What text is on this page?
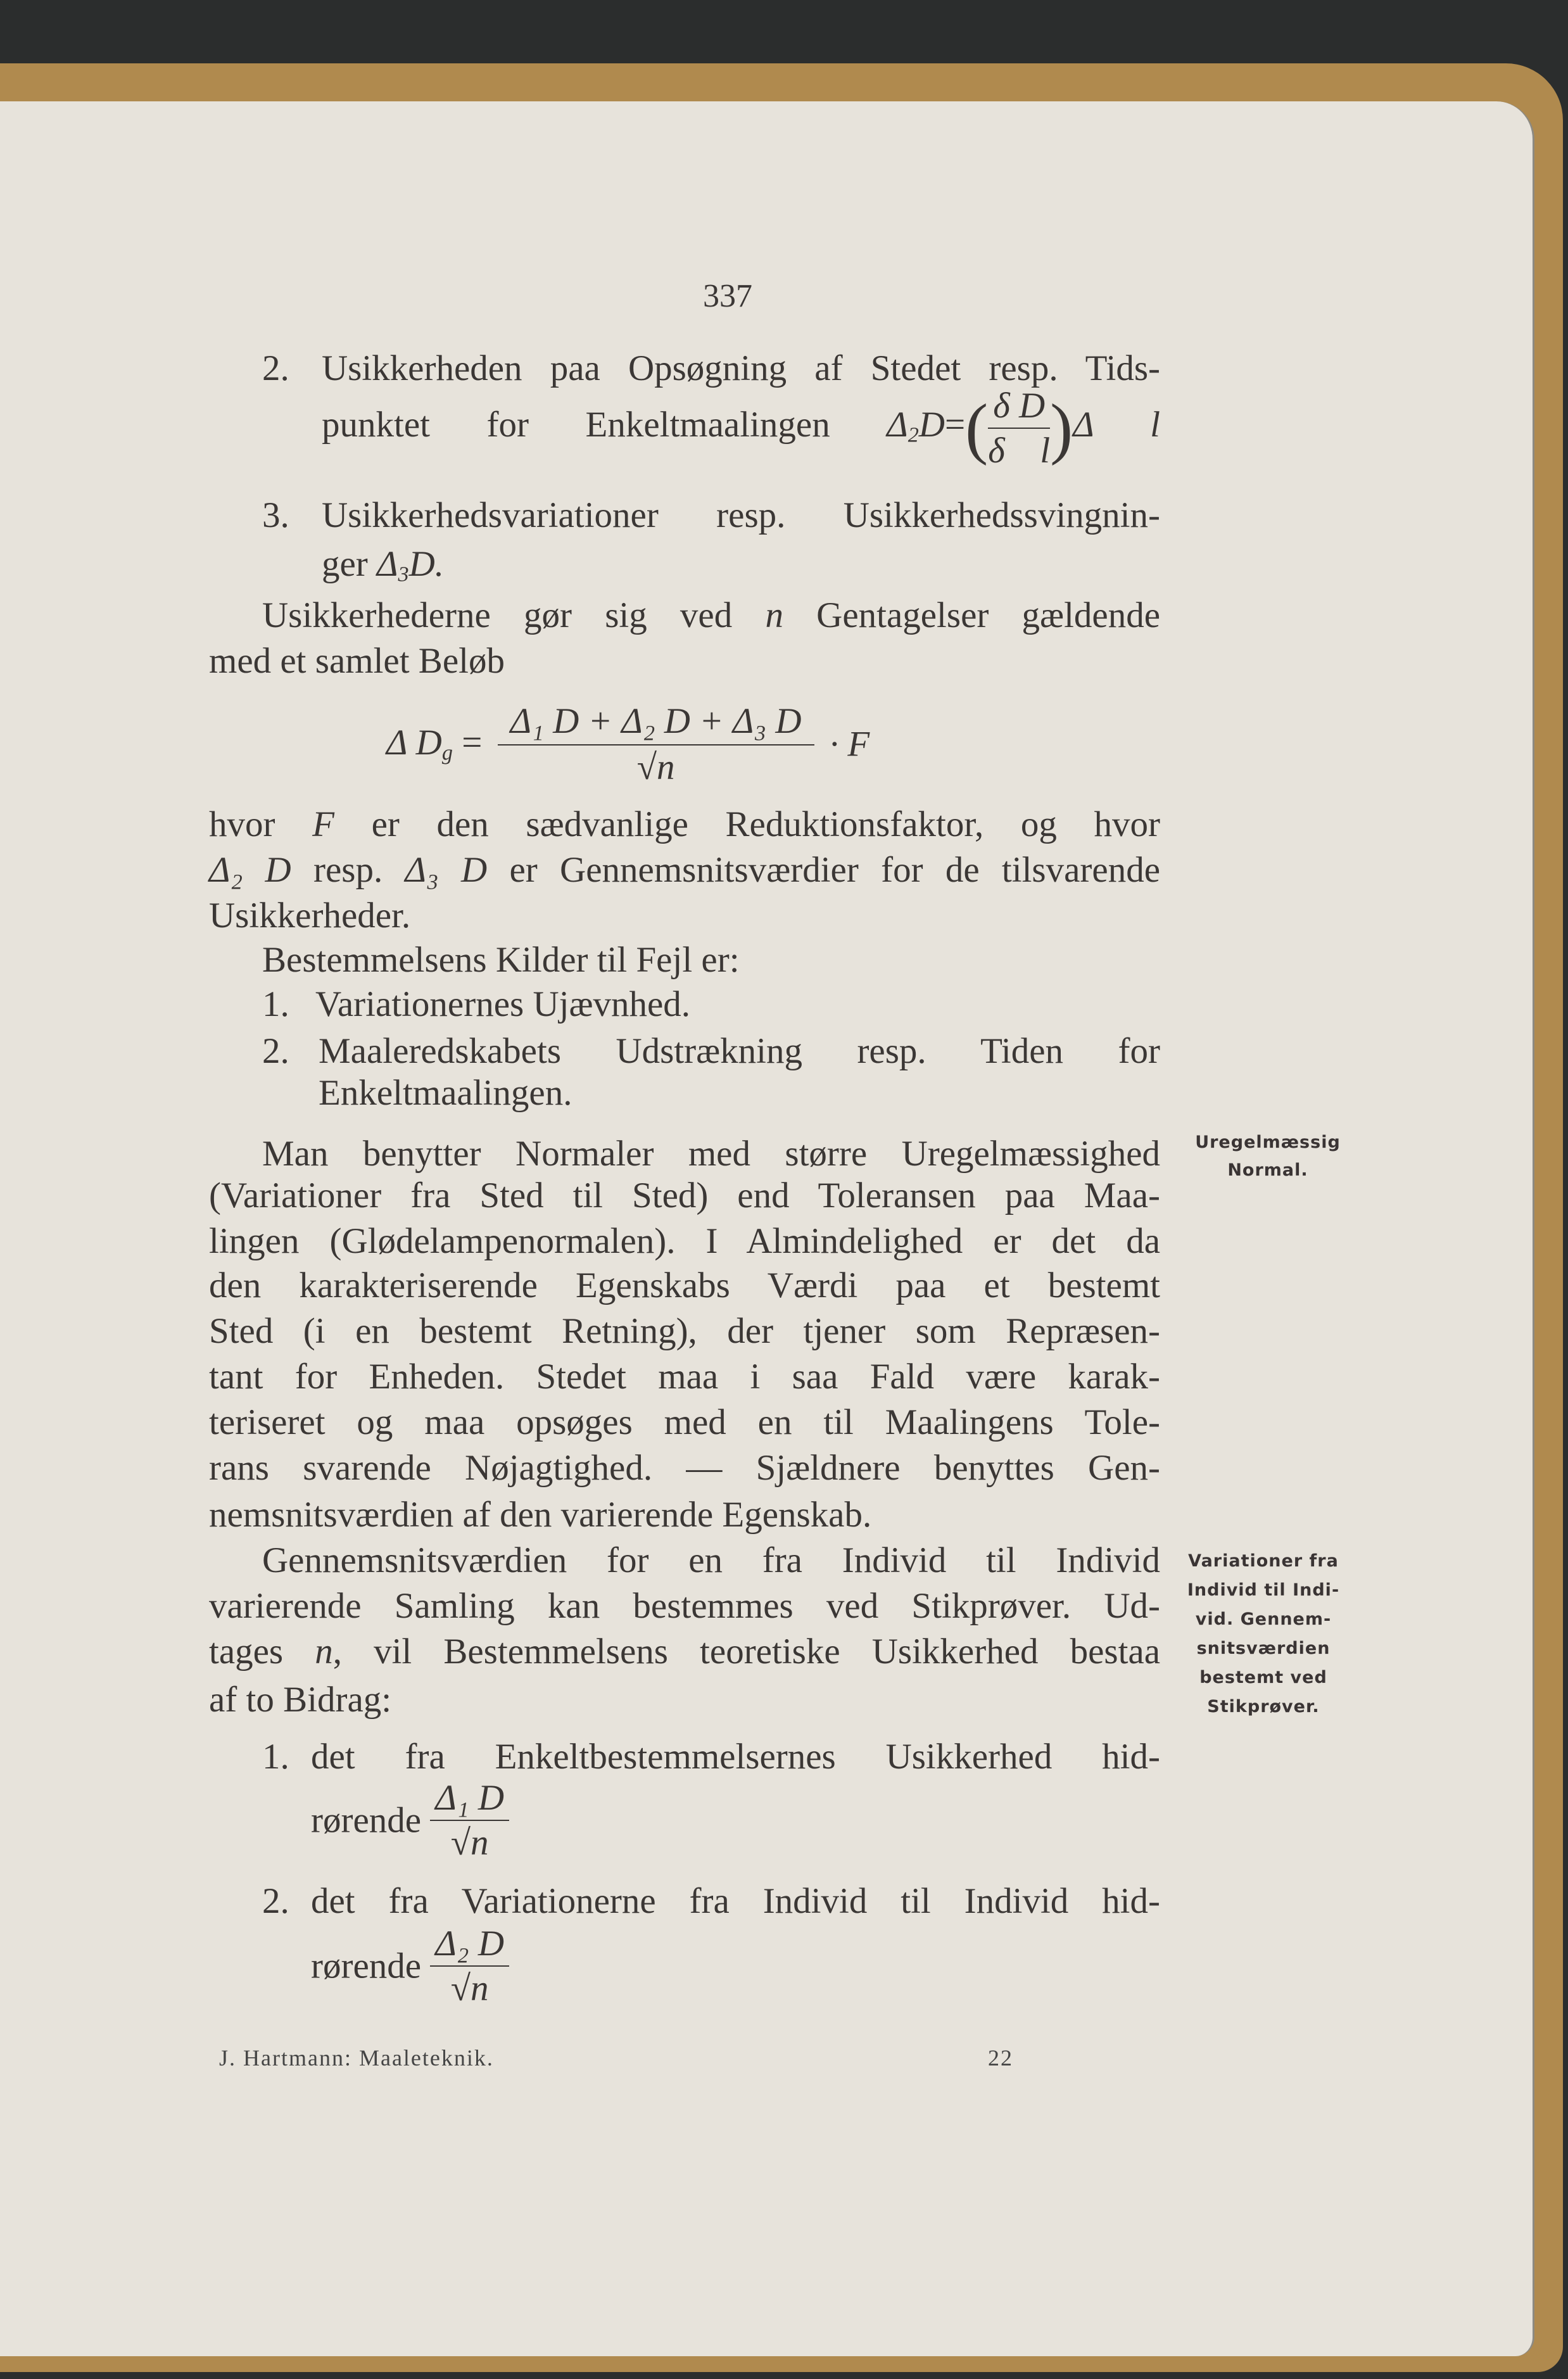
337
2. Usikkerheden paa Opsøgning af Stedet resp. Tids-
punktet for Enkeltmaalingen $\Delta_2D=( \frac{\text{δ D}}{\text{δ l}} )\Delta$ l
3. Usikkerhedsvariationer resp. Usikkerhedssvingnin-
ger $\Delta_3D$.
Usikkerhederne gør sig ved n Gentagelser gældende
med et samlet Beløb
Δ $D_g = \frac{\text{Δ₁ D + Δ₂ D + Δ₃ D}}{√n} \cdot F$
hvor F er den sædvanlige Reduktionsfaktor, og hvor
Δ₂ D resp. Δ₃ D er Gennemsnitsværdier for de tilsvarende
Usikkerheder.
Bestemmelsens Kilder til Fejl er:
1. Variationernes Ujævnhed.
2. Maaleredskabets Udstrækning resp. Tiden for
Enkeltmaalingen.
Man benytter Normaler med større Uregelmæssighed
(Variationer fra Sted til Sted) end Toleransen paa Maa-
lingen (Glødelampenormalen). I Almindelighed er det da
den karakteriserende Egenskabs Værdi paa et bestemt
Sted (i en bestemt Retning), der tjener som Repræsen-
tant for Enheden. Stedet maa i saa Fald være karak-
teriseret og maa opsøges med en til Maalingens Tole-
rans svarende Nøjagtighed. — Sjældnere benyttes Gen-
nemsnitsværdien af den varierende Egenskab.
Gennemsnitsværdien for en fra Individ til Individ
varierende Samling kan bestemmes ved Stikprøver. Ud-
tages n, vil Bestemmelsens teoretiske Usikkerhed bestaa
af to Bidrag:
1. det fra Enkeltbestemmelsernes Usikkerhed hid-
rørende $\frac{\text{Δ₁ D}}{√n}$
2. det fra Variationerne fra Individ til Individ hid-
rørende $\frac{\text{Δ₂ D}}{√n}$
Uregelmæssig
Normal.
Variationer fra
Individ til Indi-
vid. Gennem-
snitsværdien
bestemt ved
Stikprøver.
J. Hartmann: Maaleteknik.	22
